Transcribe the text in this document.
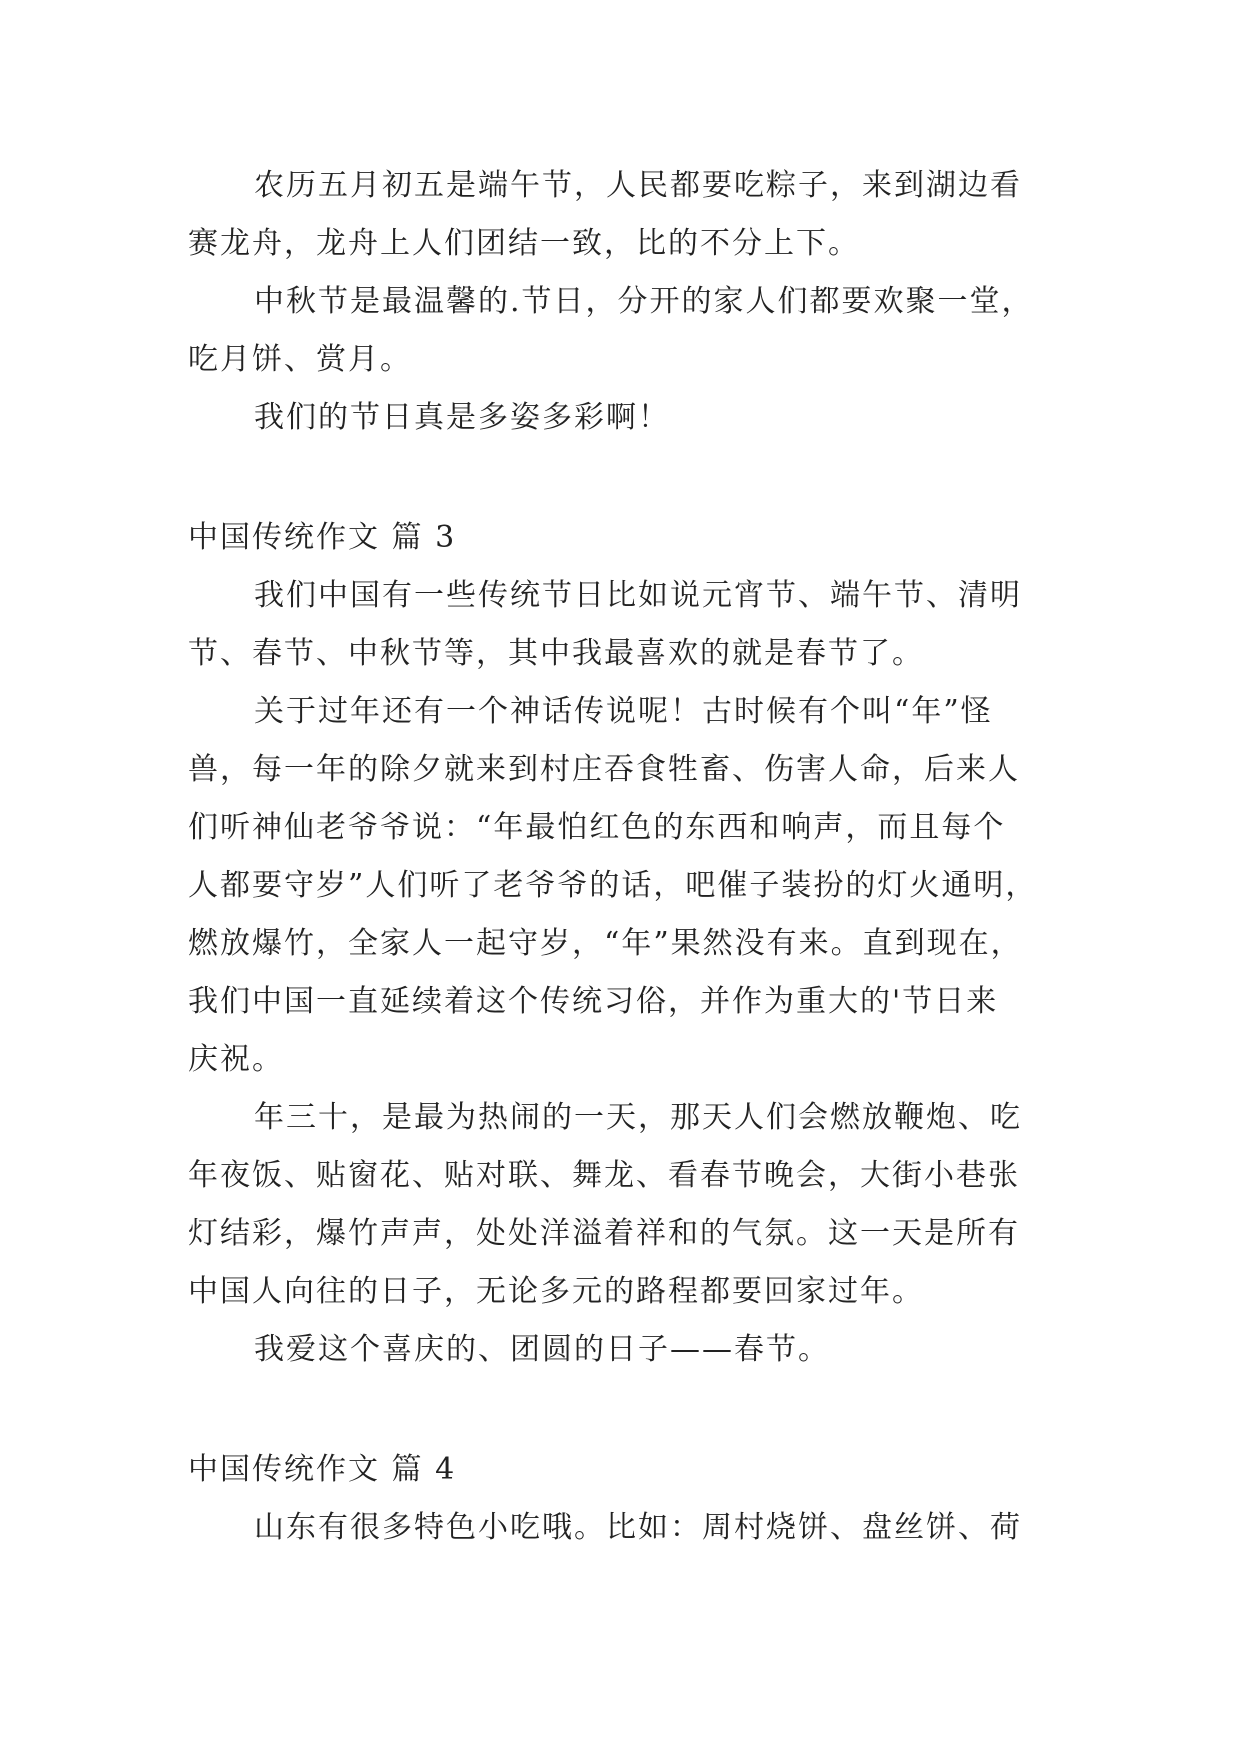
农历五月初五是端午节，人民都要吃粽子，来到湖边看
赛龙舟，龙舟上人们团结一致，比的不分上下。
中秋节是最温馨的.节日，分开的家人们都要欢聚一堂，
吃月饼、赏月。
我们的节日真是多姿多彩啊！
中国传统作文 篇 3
我们中国有一些传统节日比如说元宵节、端午节、清明
节、春节、中秋节等，其中我最喜欢的就是春节了。
关于过年还有一个神话传说呢！古时候有个叫“年”怪
兽，每一年的除夕就来到村庄吞食牲畜、伤害人命，后来人
们听神仙老爷爷说：“年最怕红色的东西和响声，而且每个
人都要守岁”人们听了老爷爷的话，吧催子装扮的灯火通明，
燃放爆竹，全家人一起守岁，“年”果然没有来。直到现在，
我们中国一直延续着这个传统习俗，并作为重大的'节日来
庆祝。
年三十，是最为热闹的一天，那天人们会燃放鞭炮、吃
年夜饭、贴窗花、贴对联、舞龙、看春节晚会，大街小巷张
灯结彩，爆竹声声，处处洋溢着祥和的气氛。这一天是所有
中国人向往的日子，无论多元的路程都要回家过年。
我爱这个喜庆的、团圆的日子——春节。
中国传统作文 篇 4
山东有很多特色小吃哦。比如：周村烧饼、盘丝饼、荷
